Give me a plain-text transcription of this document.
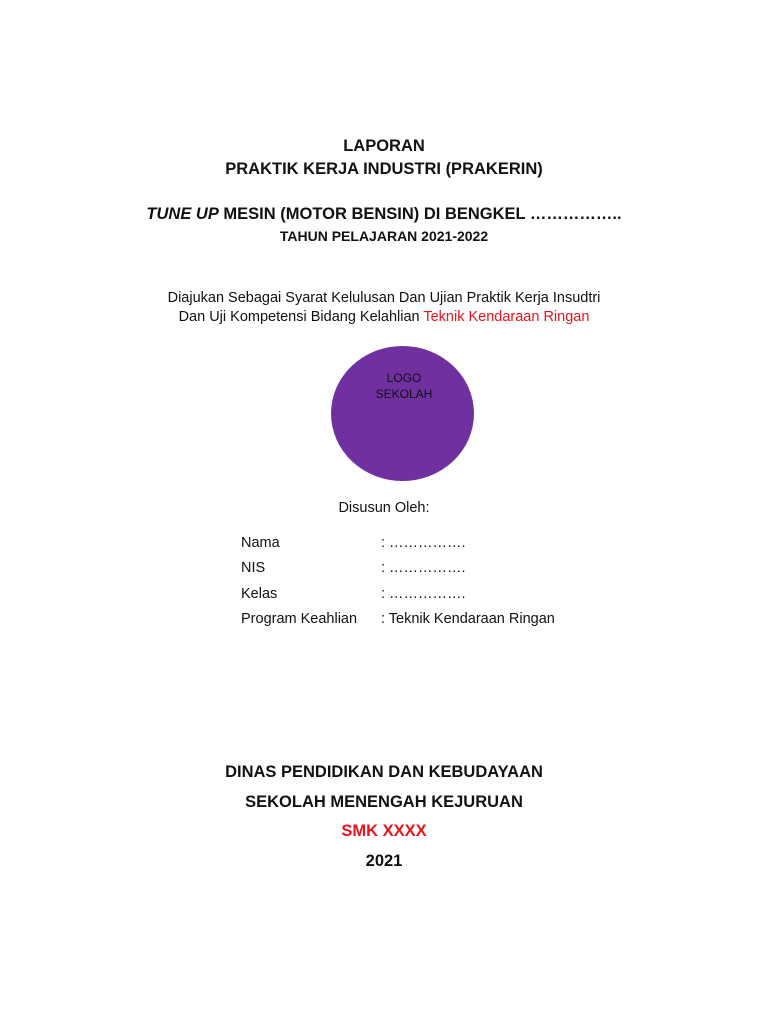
LAPORAN
PRAKTIK KERJA INDUSTRI (PRAKERIN)
TUNE UP MESIN (MOTOR BENSIN) DI BENGKEL ……………..
TAHUN PELAJARAN 2021-2022
Diajukan Sebagai Syarat Kelulusan Dan Ujian Praktik Kerja Insudtri
Dan Uji Kompetensi Bidang Kelahlian Teknik Kendaraan Ringan
LOGO
SEKOLAH
Disusun Oleh:
Nama	: …………….
NIS	: …………….
Kelas	: …………….
Program Keahlian	: Teknik Kendaraan Ringan
DINAS PENDIDIKAN DAN KEBUDAYAAN
SEKOLAH MENENGAH KEJURUAN
SMK XXXX
2021
